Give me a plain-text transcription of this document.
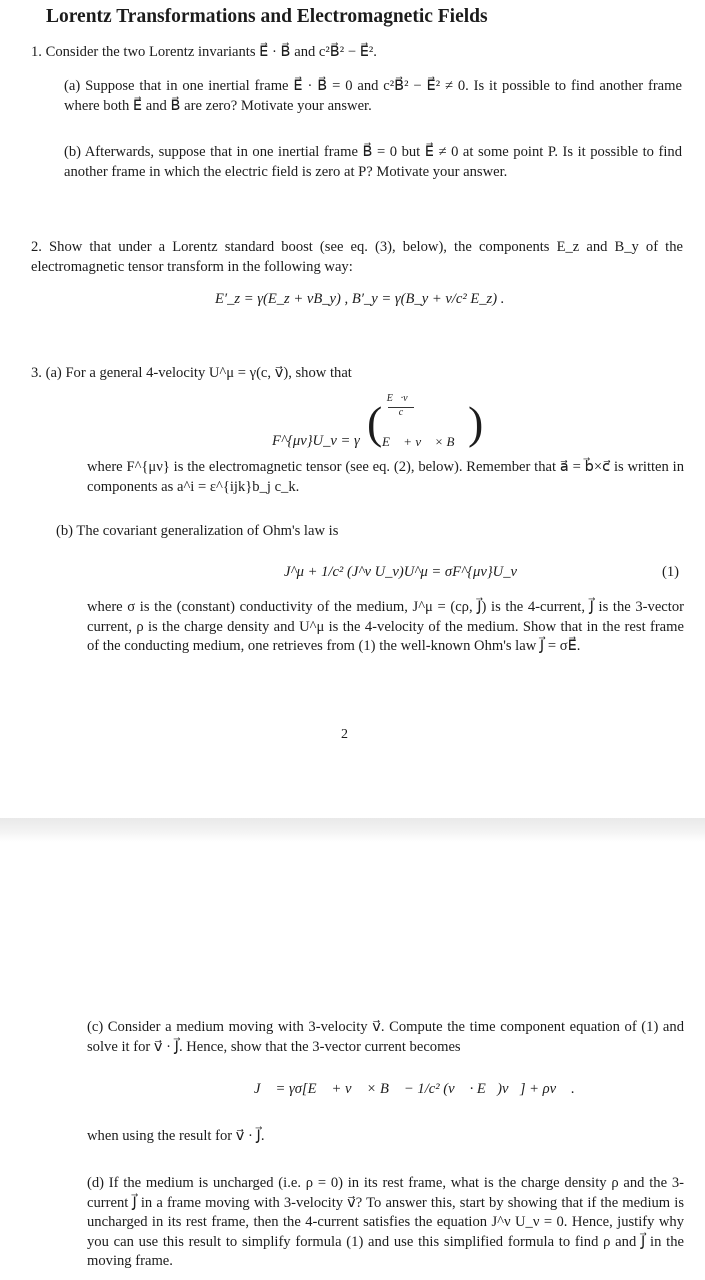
Lorentz Transformations and Electromagnetic Fields
1. Consider the two Lorentz invariants E⃗ · B⃗ and c²B⃗² − E⃗².
(a) Suppose that in one inertial frame E⃗ · B⃗ = 0 and c²B⃗² − E⃗² ≠ 0. Is it possible to find another frame where both E⃗ and B⃗ are zero? Motivate your answer.
(b) Afterwards, suppose that in one inertial frame B⃗ = 0 but E⃗ ≠ 0 at some point P. Is it possible to find another frame in which the electric field is zero at P? Motivate your answer.
2. Show that under a Lorentz standard boost (see eq. (3), below), the components E_z and B_y of the electromagnetic tensor transform in the following way:
E′_z = γ(E_z + vB_y) , B′_y = γ(B_y + v/c² E_z) .
3. (a) For a general 4-velocity U^μ = γ(c, v⃗), show that
F^{μν}U_ν = γ ( E⃗·v⃗
c
E⃗ + v⃗ × B⃗ )
where F^{μν} is the electromagnetic tensor (see eq. (2), below). Remember that a⃗ = b⃗×c⃗ is written in components as a^i = ε^{ijk}b_j c_k.
(b) The covariant generalization of Ohm's law is
J^μ + 1/c² (J^ν U_ν)U^μ = σF^{μν}U_ν	(1)
where σ is the (constant) conductivity of the medium, J^μ = (cρ, J⃗) is the 4-current, J⃗ is the 3-vector current, ρ is the charge density and U^μ is the 4-velocity of the medium. Show that in the rest frame of the conducting medium, one retrieves from (1) the well-known Ohm's law J⃗ = σE⃗.
2
(c) Consider a medium moving with 3-velocity v⃗. Compute the time component equation of (1) and solve it for v⃗ · J⃗. Hence, show that the 3-vector current becomes
J⃗ = γσ[E⃗ + v⃗ × B⃗ − 1/c² (v⃗ · E⃗)v⃗] + ρv⃗ .
when using the result for v⃗ · J⃗.
(d) If the medium is uncharged (i.e. ρ = 0) in its rest frame, what is the charge density ρ and the 3-current J⃗ in a frame moving with 3-velocity v⃗? To answer this, start by showing that if the medium is uncharged in its rest frame, then the 4-current satisfies the equation J^ν U_ν = 0. Hence, justify why you can use this result to simplify formula (1) and use this simplified formula to find ρ and J⃗ in the moving frame.
